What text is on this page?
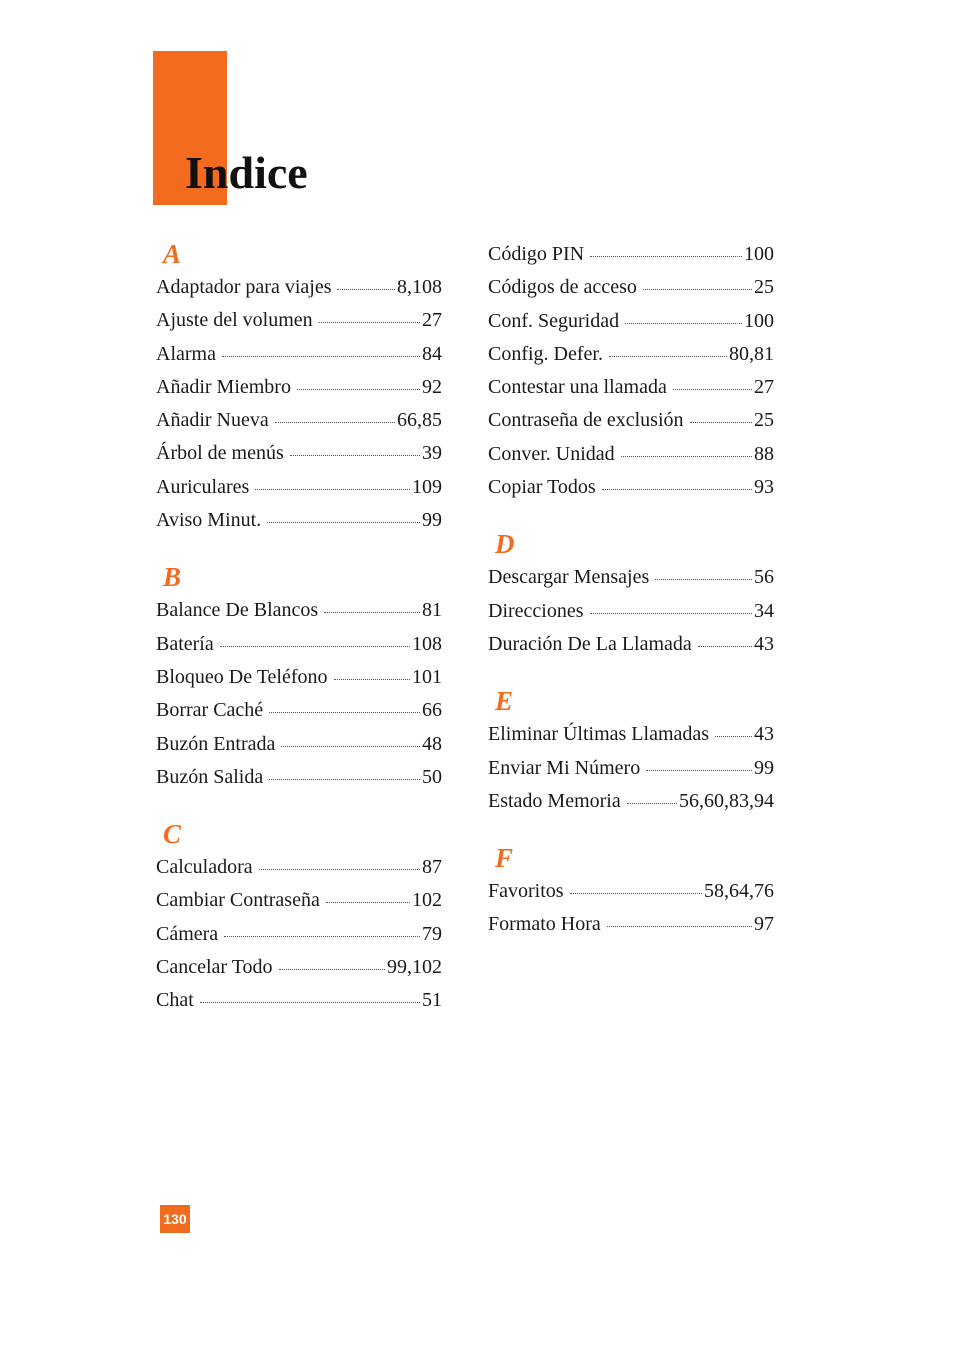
Indice
A
Adaptador para viajes	8,108
Ajuste del volumen	27
Alarma	84
Añadir Miembro	92
Añadir Nueva	66,85
Árbol de menús	39
Auriculares	109
Aviso Minut.	99
B
Balance De Blancos	81
Batería	108
Bloqueo De Teléfono	101
Borrar Caché	66
Buzón Entrada	48
Buzón Salida	50
C
Calculadora	87
Cambiar Contraseña	102
Cámera	79
Cancelar Todo	99,102
Chat	51
Código PIN	100
Códigos de acceso	25
Conf. Seguridad	100
Config. Defer.	80,81
Contestar una llamada	27
Contraseña de exclusión	25
Conver. Unidad	88
Copiar Todos	93
D
Descargar Mensajes	56
Direcciones	34
Duración De La Llamada	43
E
Eliminar Últimas Llamadas 43
Enviar Mi Número	99
Estado Memoria	56,60,83,94
F
Favoritos	58,64,76
Formato Hora	97
130
